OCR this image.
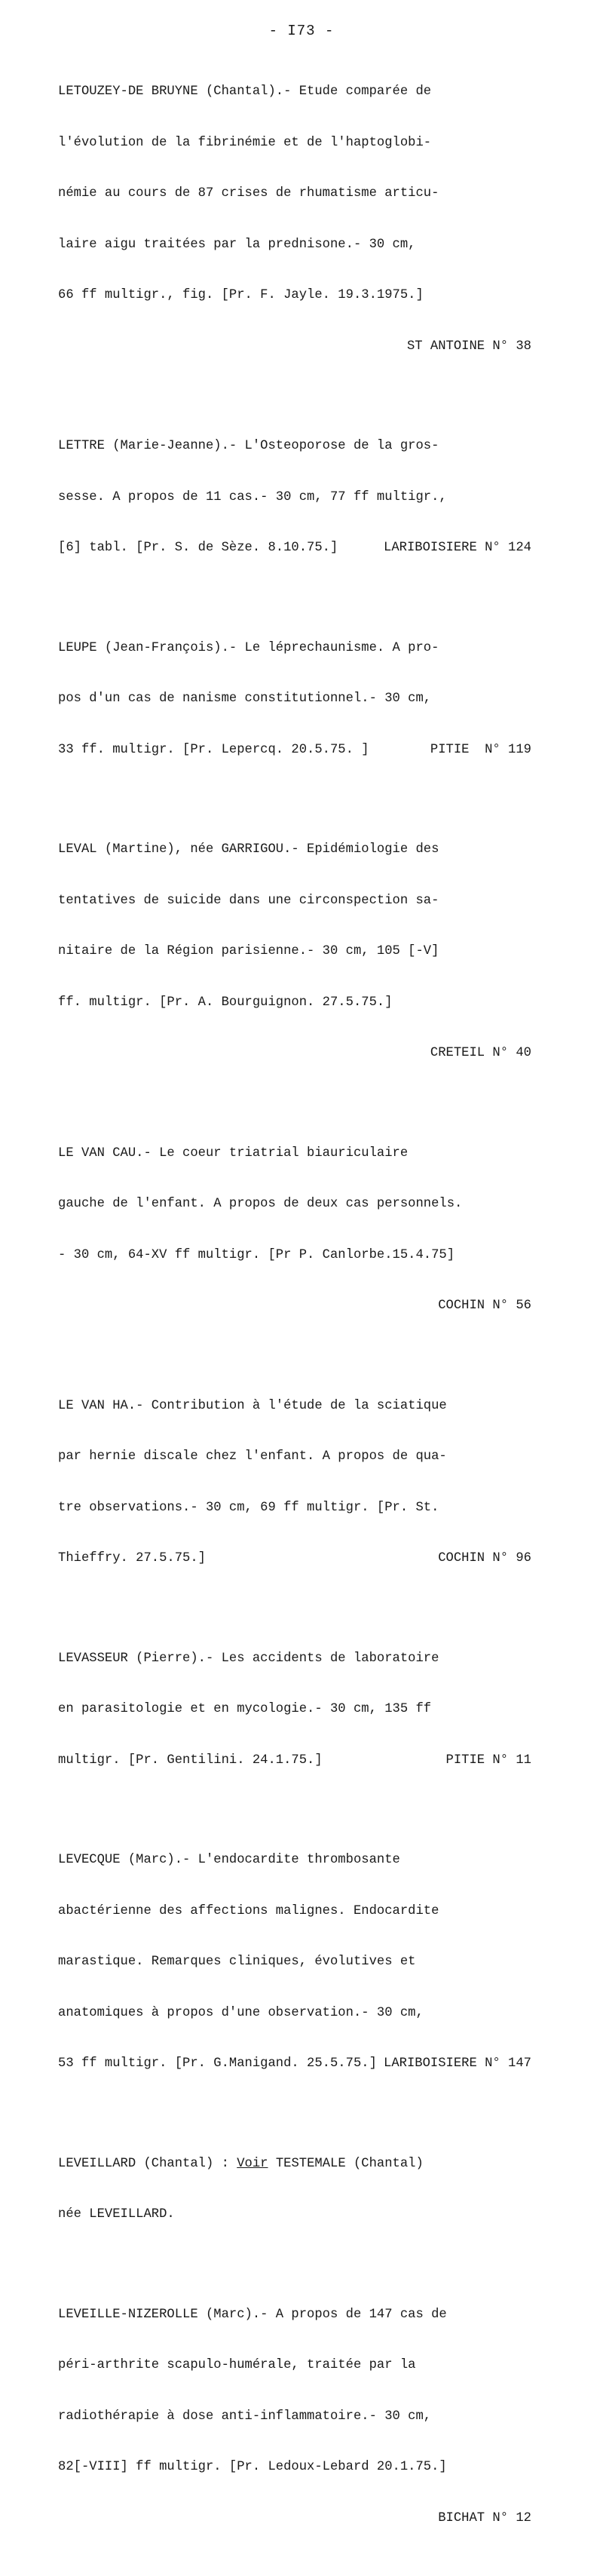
- I73 -

LETOUZEY-DE BRUYNE (Chantal).- Etude comparée de

l'évolution de la fibrinémie et de l'haptoglobi-

némie au cours de 87 crises de rhumatisme articu-

laire aigu traitées par la prednisone.- 30 cm,

66 ff multigr., fig. [Pr. F. Jayle. 19.3.1975.]

ST ANTOINE N° 38

LETTRE (Marie-Jeanne).- L'Osteoporose de la gros-

sesse. A propos de 11 cas.- 30 cm, 77 ff multigr.,

[6] tabl. [Pr. S. de Sèze. 8.10.75.]	LARIBOISIERE N° 124

LEUPE (Jean-François).- Le léprechaunisme. A pro-

pos d'un cas de nanisme constitutionnel.- 30 cm,

33 ff. multigr. [Pr. Lepercq. 20.5.75. ]	PITIE  N° 119

LEVAL (Martine), née GARRIGOU.- Epidémiologie des

tentatives de suicide dans une circonspection sa-

nitaire de la Région parisienne.- 30 cm, 105 [-V]

ff. multigr. [Pr. A. Bourguignon. 27.5.75.]

CRETEIL N° 40

LE VAN CAU.- Le coeur triatrial biauriculaire

gauche de l'enfant. A propos de deux cas personnels.

- 30 cm, 64-XV ff multigr. [Pr P. Canlorbe.15.4.75]

COCHIN N° 56

LE VAN HA.- Contribution à l'étude de la sciatique

par hernie discale chez l'enfant. A propos de qua-

tre observations.- 30 cm, 69 ff multigr. [Pr. St.

Thieffry. 27.5.75.]	COCHIN N° 96

LEVASSEUR (Pierre).- Les accidents de laboratoire

en parasitologie et en mycologie.- 30 cm, 135 ff

multigr. [Pr. Gentilini. 24.1.75.]	PITIE N° 11

LEVECQUE (Marc).- L'endocardite thrombosante

abactérienne des affections malignes. Endocardite

marastique. Remarques cliniques, évolutives et

anatomiques à propos d'une observation.- 30 cm,

53 ff multigr. [Pr. G.Manigand. 25.5.75.] LARIBOISIERE N° 147

LEVEILLARD (Chantal) : Voir TESTEMALE (Chantal)

née LEVEILLARD.

LEVEILLE-NIZEROLLE (Marc).- A propos de 147 cas de

péri-arthrite scapulo-humérale, traitée par la

radiothérapie à dose anti-inflammatoire.- 30 cm,

82[-VIII] ff multigr. [Pr. Ledoux-Lebard 20.1.75.]

BICHAT N° 12
